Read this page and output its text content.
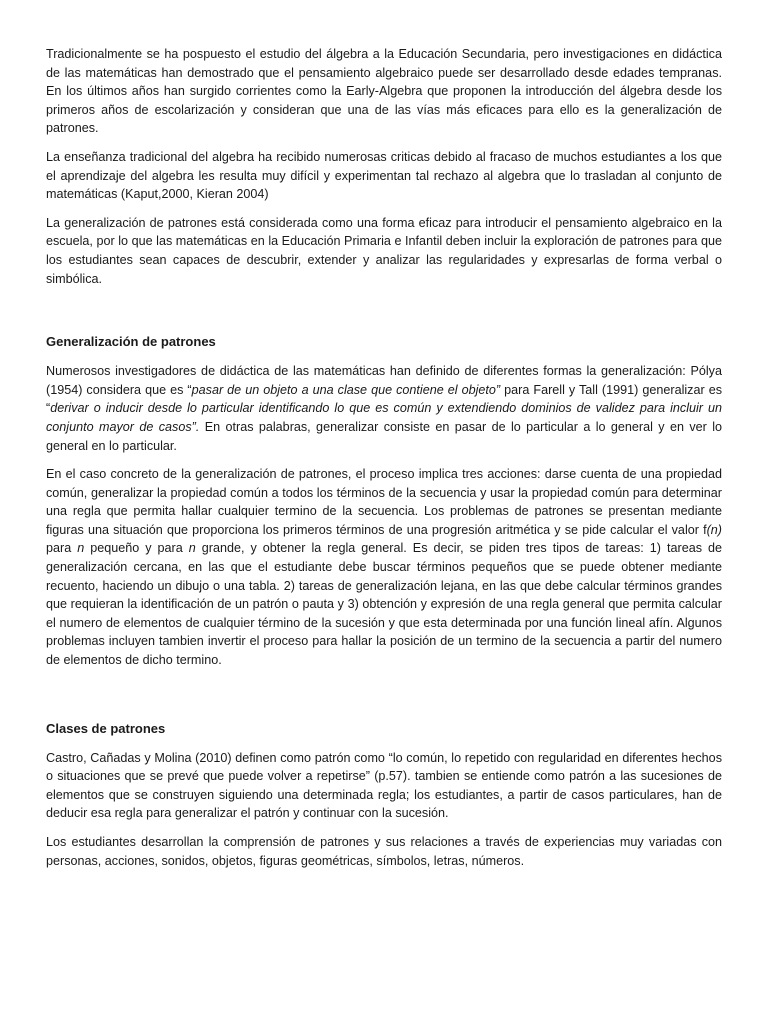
Tradicionalmente se ha pospuesto el estudio del álgebra a la Educación Secundaria, pero investigaciones en didáctica de las matemáticas han demostrado que el pensamiento algebraico puede ser desarrollado desde edades tempranas. En los últimos años han surgido corrientes como la Early-Algebra que proponen la introducción del álgebra desde los primeros años de escolarización y consideran que una de las vías más eficaces para ello es la generalización de patrones.

La enseñanza tradicional del algebra ha recibido numerosas criticas debido al fracaso de muchos estudiantes a los que el aprendizaje del algebra les resulta muy difícil y experimentan tal rechazo al algebra que lo trasladan al conjunto de matemáticas (Kaput,2000, Kieran 2004)

La generalización de patrones está considerada como una forma eficaz para introducir el pensamiento algebraico en la escuela, por lo que las matemáticas en la Educación Primaria e Infantil deben incluir la exploración de patrones para que los estudiantes sean capaces de descubrir, extender y analizar las regularidades y expresarlas de forma verbal o simbólica.

Generalización de patrones

Numerosos investigadores de didáctica de las matemáticas han definido de diferentes formas la generalización: Pólya (1954) considera que es “pasar de un objeto a una clase que contiene el objeto” para Farell y Tall (1991) generalizar es “derivar o inducir desde lo particular identificando lo que es común y extendiendo dominios de validez para incluir un conjunto mayor de casos”. En otras palabras, generalizar consiste en pasar de lo particular a lo general y en ver lo general en lo particular.

En el caso concreto de la generalización de patrones, el proceso implica tres acciones: darse cuenta de una propiedad común, generalizar la propiedad común a todos los términos de la secuencia y usar la propiedad común para determinar una regla que permita hallar cualquier termino de la secuencia. Los problemas de patrones se presentan mediante figuras una situación que proporciona los primeros términos de una progresión aritmética y se pide calcular el valor f(n) para n pequeño y para n grande, y obtener la regla general. Es decir, se piden tres tipos de tareas: 1) tareas de generalización cercana, en las que el estudiante debe buscar términos pequeños que se puede obtener mediante recuento, haciendo un dibujo o una tabla. 2) tareas de generalización lejana, en las que debe calcular términos grandes que requieran la identificación de un patrón o pauta y 3) obtención y expresión de una regla general que permita calcular el numero de elementos de cualquier término de la sucesión y que esta determinada por una función lineal afín. Algunos problemas incluyen tambien invertir el proceso para hallar la posición de un termino de la secuencia a partir del numero de elementos de dicho termino.

Clases de patrones

Castro, Cañadas y Molina (2010) definen como patrón como “lo común, lo repetido con regularidad en diferentes hechos o situaciones que se prevé que puede volver a repetirse” (p.57). tambien se entiende como patrón a las sucesiones de elementos que se construyen siguiendo una determinada regla; los estudiantes, a partir de casos particulares, han de deducir esa regla para generalizar el patrón y continuar con la sucesión.

Los estudiantes desarrollan la comprensión de patrones y sus relaciones a través de experiencias muy variadas con personas, acciones, sonidos, objetos, figuras geométricas, símbolos, letras, números.
